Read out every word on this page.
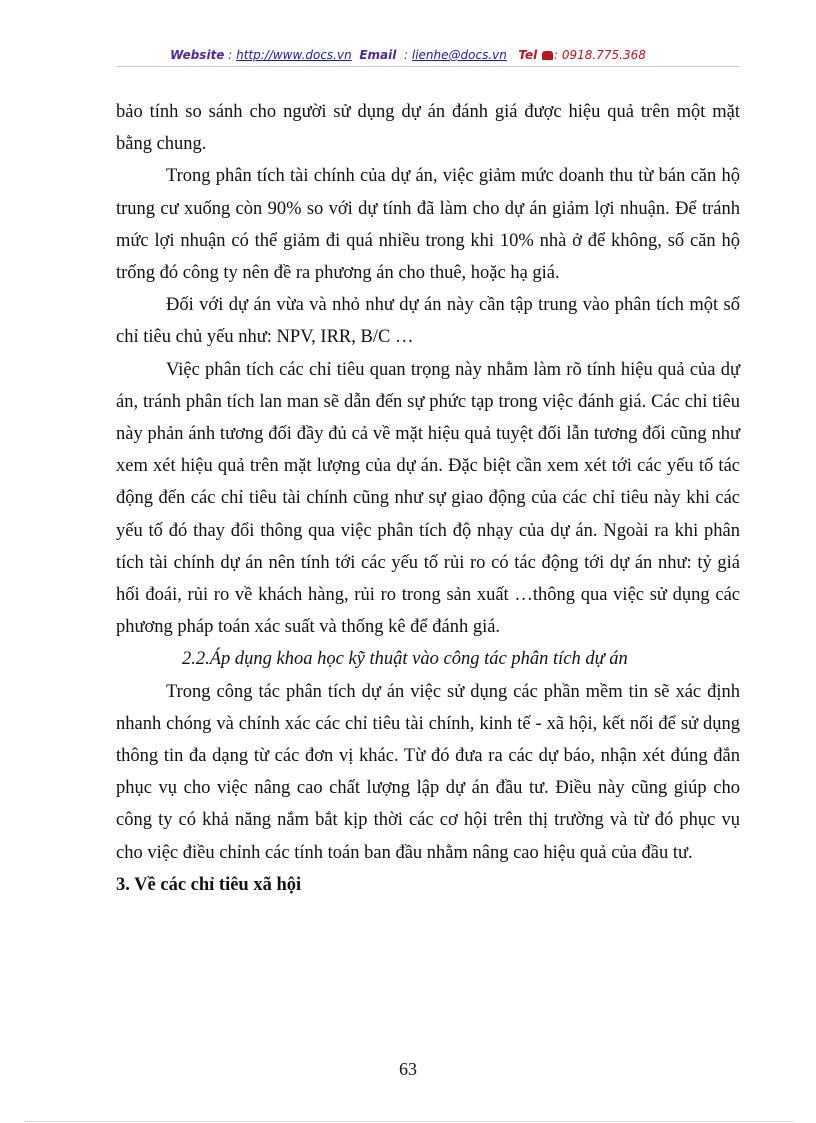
Website : http://www.docs.vn Email  : lienhe@docs.vn Tel : 0918.775.368

bảo tính so sánh cho người sử dụng dự án đánh giá được hiệu quả trên một mặt bằng chung.

Trong phân tích tài chính của dự án, việc giảm mức doanh thu từ bán căn hộ trung cư xuống còn 90% so với dự tính đã làm cho dự án giảm lợi nhuận. Để tránh mức lợi nhuận có thể giảm đi quá nhiều trong khi 10% nhà ở để không, số căn hộ trống đó công ty nên đề ra phương án cho thuê, hoặc hạ giá.

Đối với dự án vừa và nhỏ như dự án này cần tập trung vào phân tích một số chỉ tiêu chủ yếu như: NPV, IRR, B/C …

Việc phân tích các chỉ tiêu quan trọng này nhằm làm rõ tính hiệu quả của dự án, tránh phân tích lan man sẽ dẫn đến sự phức tạp trong việc đánh giá. Các chỉ tiêu này phản ánh tương đối đầy đủ cả về mặt hiệu quả tuyệt đối lẫn tương đối cũng như xem xét hiệu quả trên mặt lượng của dự án. Đặc biệt cần xem xét tới các yếu tố tác động đến các chỉ tiêu tài chính cũng như sự giao động của các chỉ tiêu này khi các yếu tố đó thay đổi thông qua việc phân tích độ nhạy của dự án. Ngoài ra khi phân tích tài chính dự án nên tính tới các yếu tố rủi ro có tác động tới dự án như: tỷ giá hối đoái, rủi ro về khách hàng, rủi ro trong sản xuất …thông qua việc sử dụng các phương pháp toán xác suất và thống kê để đánh giá.

2.2.Áp dụng khoa học kỹ thuật vào công tác phân tích dự án

Trong công tác phân tích dự án việc sử dụng các phần mềm tin sẽ xác định nhanh chóng và chính xác các chỉ tiêu tài chính, kinh tế - xã hội, kết nối để sử dụng thông tin đa dạng từ các đơn vị khác. Từ đó đưa ra các dự báo, nhận xét đúng đắn phục vụ cho việc nâng cao chất lượng lập dự án đầu tư. Điều này cũng giúp cho công ty có khả năng nắm bắt kịp thời các cơ hội trên thị trường và từ đó phục vụ cho việc điều chỉnh các tính toán ban đầu nhằm nâng cao hiệu quả của đầu tư.

3. Về các chỉ tiêu xã hội

63
